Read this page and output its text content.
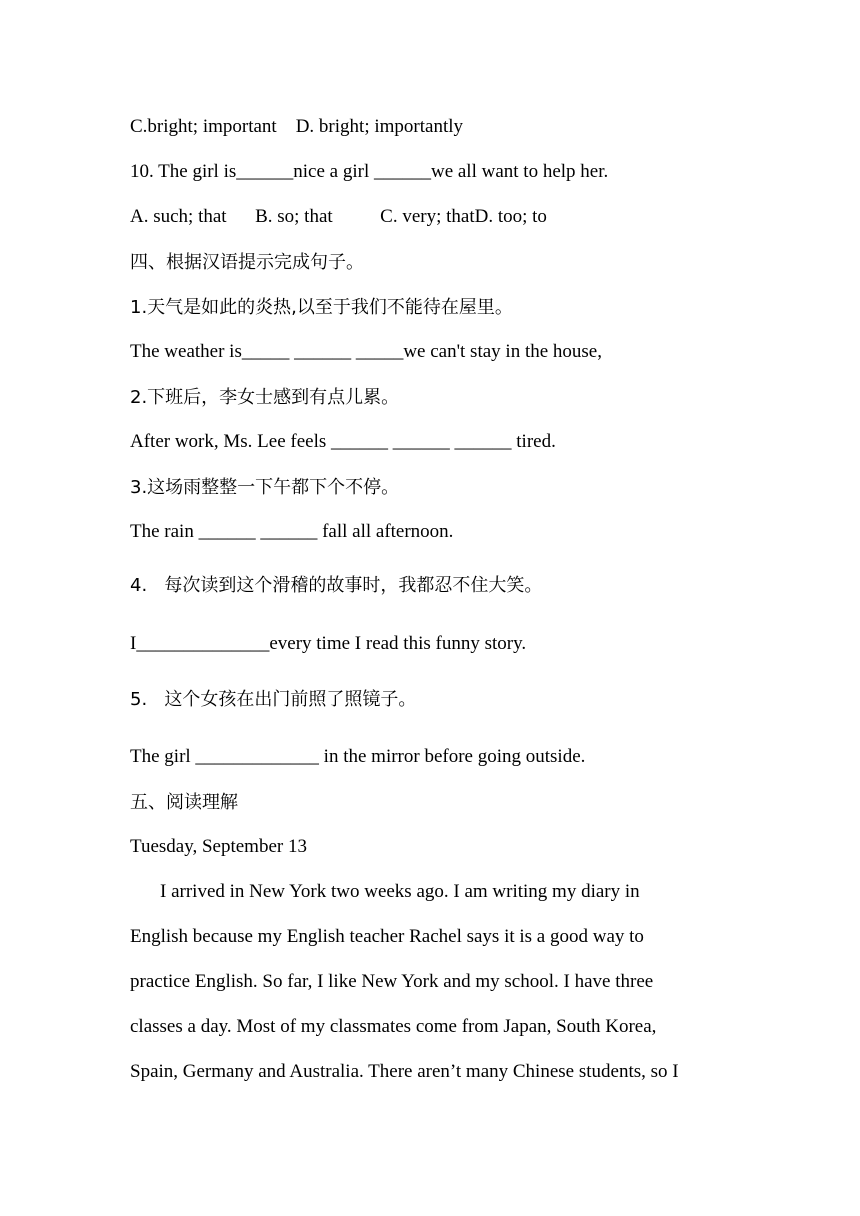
C.bright; important    D. bright; importantly
10. The girl is______nice a girl ______we all want to help her.
A. such; that      B. so; that          C. very; thatD. too; to
四、根据汉语提示完成句子。
1.天气是如此的炎热,以至于我们不能待在屋里。
The weather is_____ ______ _____we can't stay in the house,
2.下班后，李女士感到有点儿累。
After work, Ms. Lee feels ______ ______ ______ tired.
3.这场雨整整一下午都下个不停。
The rain ______ ______ fall all afternoon.
4.   每次读到这个滑稽的故事时，我都忍不住大笑。
I______________every time I read this funny story.
5.   这个女孩在出门前照了照镜子。
The girl _____________ in the mirror before going outside.
五、阅读理解
Tuesday, September 13
I arrived in New York two weeks ago. I am writing my diary in
English because my English teacher Rachel says it is a good way to
practice English. So far, I like New York and my school. I have three
classes a day. Most of my classmates come from Japan, South Korea,
Spain, Germany and Australia. There aren’t many Chinese students, so I
